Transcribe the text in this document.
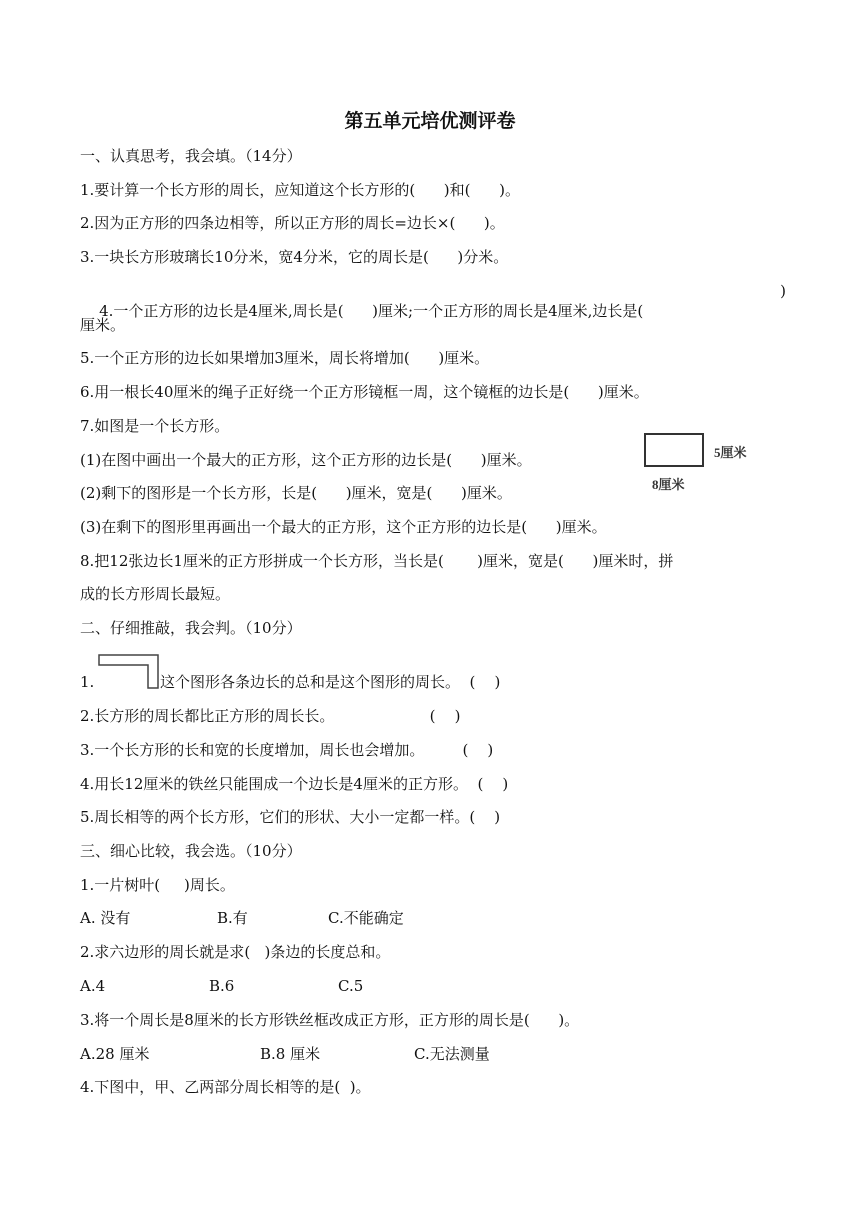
第五单元培优测评卷
一、认真思考，我会填。（14分）
1.要计算一个长方形的周长，应知道这个长方形的(      )和(      )。
2.因为正方形的四条边相等，所以正方形的周长=边长×(      )。
3.一块长方形玻璃长10分米，宽4分米，它的周长是(      )分米。

4.一个正方形的边长是4厘米,周长是(      )厘米;一个正方形的周长是4厘米,边长是(

)

厘米。
5.一个正方形的边长如果增加3厘米，周长将增加(      )厘米。
6.用一根长40厘米的绳子正好绕一个正方形镜框一周，这个镜框的边长是(      )厘米。
7.如图是一个长方形。
(1)在图中画出一个最大的正方形，这个正方形的边长是(      )厘米。
(2)剩下的图形是一个长方形，长是(      )厘米，宽是(      )厘米。
(3)在剩下的图形里再画出一个最大的正方形，这个正方形的边长是(      )厘米。
5厘米
8厘米
8.把12张边长1厘米的正方形拼成一个长方形，当长是(       )厘米，宽是(      )厘米时，拼
成的长方形周长最短。
二、仔细推敲，我会判。（10分）
1.	这个图形各条边长的总和是这个图形的周长。  (    )
2.长方形的周长都比正方形的周长长。                    (    )
3.一个长方形的长和宽的长度增加，周长也会增加。        (    )
4.用长12厘米的铁丝只能围成一个边长是4厘米的正方形。  (    )
5.周长相等的两个长方形，它们的形状、大小一定都一样。(    )
三、细心比较，我会选。（10分）
1.一片树叶(     )周长。
A. 没有	B.有	C.不能确定
2.求六边形的周长就是求(   )条边的长度总和。
A.4	B.6	C.5
3.将一个周长是8厘米的长方形铁丝框改成正方形，正方形的周长是(      )。
A.28 厘米	B.8 厘米	C.无法测量
4.下图中，甲、乙两部分周长相等的是(  )。
